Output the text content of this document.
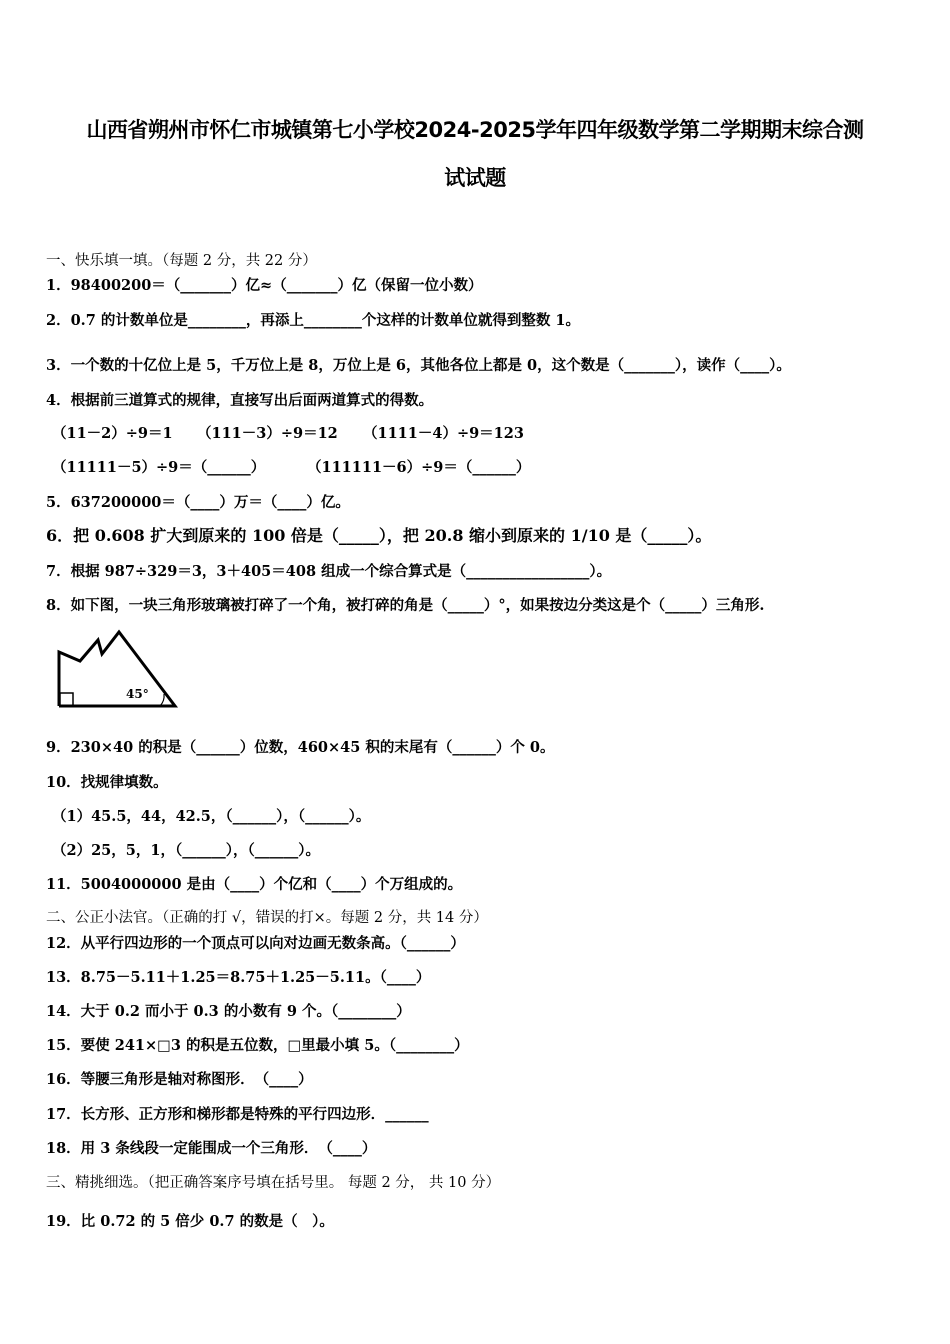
山西省朔州市怀仁市城镇第七小学校2024-2025学年四年级数学第二学期期末综合测
试试题
一、快乐填一填。（每题 2 分，共 22 分）
1．98400200＝（_______）亿≈（_______）亿（保留一位小数）
2．0.7 的计数单位是________，再添上________个这样的计数单位就得到整数 1。
3．一个数的十亿位上是 5，千万位上是 8，万位上是 6，其他各位上都是 0，这个数是（_______），读作（____）。
4．根据前三道算式的规律，直接写出后面两道算式的得数。
（11－2）÷9＝1 （111－3）÷9＝12 （1111－4）÷9＝123
（11111－5）÷9＝（______）	（111111－6）÷9＝（______）
5．637200000＝（____）万＝（____）亿。
6．把 0.608 扩大到原来的 100 倍是（_____），把 20.8 缩小到原来的 1/10 是（_____）。
7．根据 987÷329＝3，3＋405＝408 组成一个综合算式是（_________________）。
8．如下图，一块三角形玻璃被打碎了一个角，被打碎的角是（_____）°，如果按边分类这是个（_____）三角形.
45°
9．230×40 的积是（______）位数，460×45 积的末尾有（______）个 0。
10．找规律填数。
（1）45.5，44，42.5，（______），（______）。
（2）25，5，1，（______），（______）。
11．5004000000 是由（____）个亿和（____）个万组成的。
二、公正小法官。（正确的打 √，错误的打×。每题 2 分，共 14 分）
12．从平行四边形的一个顶点可以向对边画无数条高。（______）
13．8.75－5.11＋1.25＝8.75＋1.25－5.11。（____）
14．大于 0.2 而小于 0.3 的小数有 9 个。（________）
15．要使 241×□3 的积是五位数，□里最小填 5。（________）
16．等腰三角形是轴对称图形．　（____）
17．长方形、正方形和梯形都是特殊的平行四边形．______
18．用 3 条线段一定能围成一个三角形．　（____）
三、精挑细选。（把正确答案序号填在括号里。 每题 2 分， 共 10 分）
19．比 0.72 的 5 倍少 0.7 的数是（　）。
